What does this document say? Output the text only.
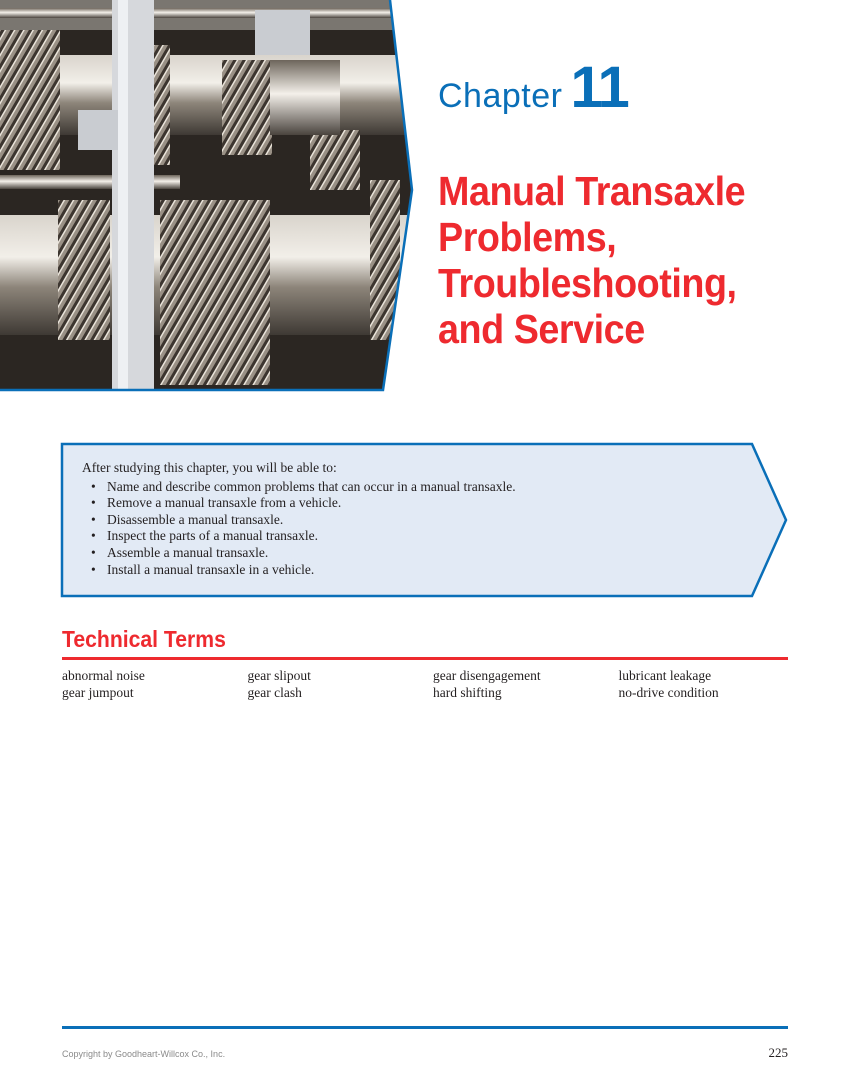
Chapter 11
Manual Transaxle
Problems,
Troubleshooting,
and Service
After studying this chapter, you will be able to:
• Name and describe common problems that can occur in a manual transaxle.
• Remove a manual transaxle from a vehicle.
• Disassemble a manual transaxle.
• Inspect the parts of a manual transaxle.
• Assemble a manual transaxle.
• Install a manual transaxle in a vehicle.
Technical Terms
abnormal noise
gear jumpout
gear slipout
gear clash
gear disengagement
hard shifting
lubricant leakage
no-drive condition
Copyright by Goodheart-Willcox Co., Inc.	225
